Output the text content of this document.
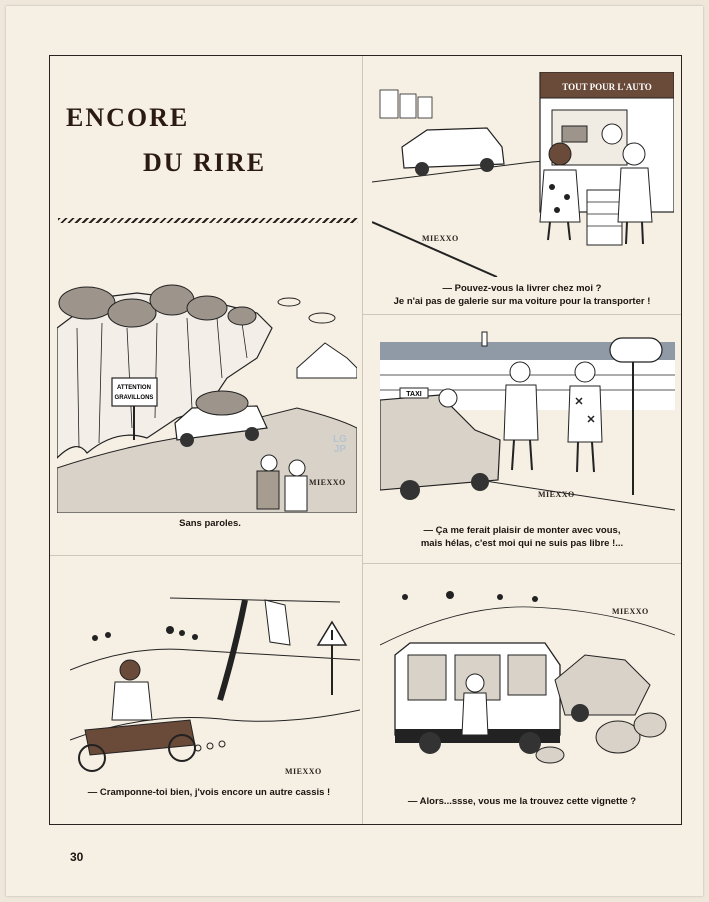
ENCORE
DU RIRE
ATTENTION
GRAVILLONS
MIEXXO
Sans paroles.
TOUT POUR L'AUTO
MIEXXO
— Pouvez-vous la livrer chez moi ?
Je n'ai pas de galerie sur ma voiture pour la transporter !
TAXI
MIEXXO
— Ça me ferait plaisir de monter avec vous,
mais hélas, c'est moi qui ne suis pas libre !...
MIEXXO
— Cramponne-toi bien, j'vois encore un autre cassis !
MIEXXO
— Alors...ssse, vous me la trouvez cette vignette ?
LG
JP
30
